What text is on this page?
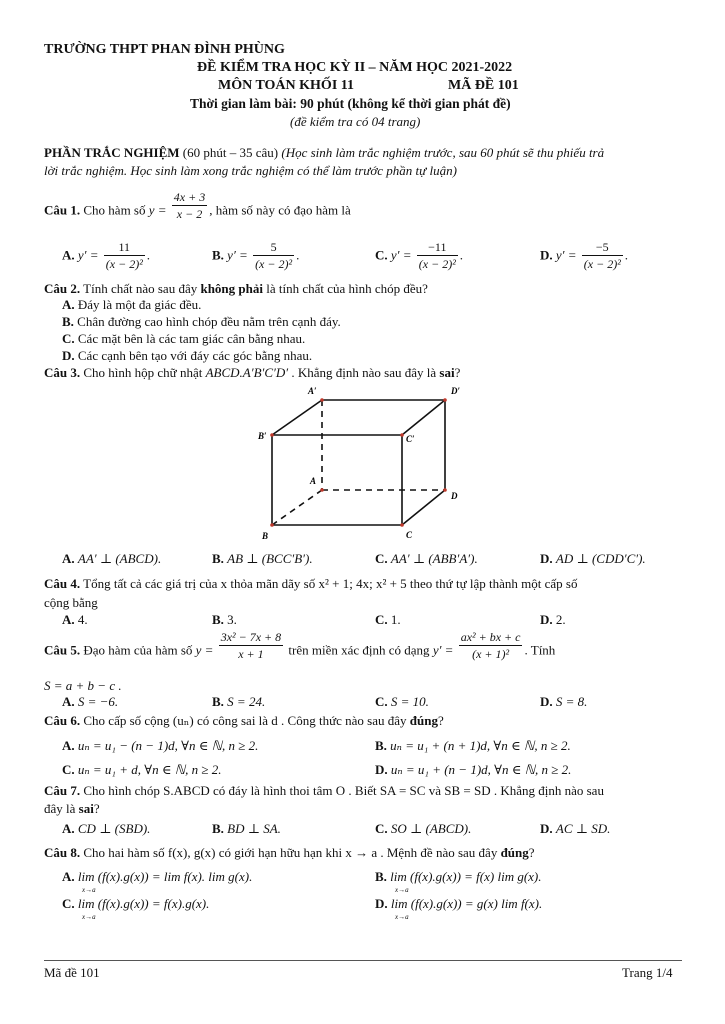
TRƯỜNG THPT PHAN ĐÌNH PHÙNG
ĐỀ KIỂM TRA HỌC KỲ II – NĂM HỌC 2021-2022
MÔN TOÁN KHỐI 11	MÃ ĐỀ 101
Thời gian làm bài: 90 phút (không kể thời gian phát đề)
(đề kiểm tra có 04 trang)
PHẦN TRẮC NGHIỆM (60 phút – 35 câu) (Học sinh làm trắc nghiệm trước, sau 60 phút sẽ thu phiếu trả
lời trắc nghiệm. Học sinh làm xong trắc nghiệm có thể làm trước phần tự luận)
Câu 1. Cho hàm số $y = \frac{4x + 3}{x - 2}$ , hàm số này có đạo hàm là
A. $y' = \frac{11}{\text{(x − 2)²}}$ .	B. $y' = \frac{5}{\text{(x − 2)²}}$ .	C. $y' = \frac{-11}{\text{(x − 2)²}}$ .	D. $y' = \frac{-5}{\text{(x − 2)²}}$ .
Câu 2. Tính chất nào sau đây không phải là tính chất của hình chóp đều?
A. Đáy là một đa giác đều.
B. Chân đường cao hình chóp đều nằm trên cạnh đáy.
C. Các mặt bên là các tam giác cân bằng nhau.
D. Các cạnh bên tạo với đáy các góc bằng nhau.
Câu 3. Cho hình hộp chữ nhật ABCD.A′B′C′D′ . Khẳng định nào sau đây là sai?
A′	D′
B′	C′
A
D
B	C
A. AA′ ⊥ (ABCD).	B. AB ⊥ (BCC′B′).	C. AA′ ⊥ (ABB′A′).	D. AD ⊥ (CDD′C′).
Câu 4. Tổng tất cả các giá trị của x thỏa mãn dãy số x² + 1; 4x; x² + 5 theo thứ tự lập thành một cấp số
cộng bằng
A. 4.	B. 3.	C. 1.	D. 2.
Câu 5. Đạo hàm của hàm số $y = \frac{\text{3x² − 7x + 8}}{x + 1}$ trên miền xác định có dạng $y' = \frac{\text{ax² + bx + c}}{\text{(x + 1)²}}$ . Tính
S = a + b − c .
A. S = −6.	B. S = 24.	C. S = 10.	D. S = 8.
Câu 6. Cho cấp số cộng (uₙ) có công sai là d . Công thức nào sau đây đúng?
A. uₙ = u₁ − (n − 1)d, ∀n ∈ ℕ, n ≥ 2.	B. uₙ = u₁ + (n + 1)d, ∀n ∈ ℕ, n ≥ 2.
C. uₙ = u₁ + d, ∀n ∈ ℕ, n ≥ 2.	D. uₙ = u₁ + (n − 1)d, ∀n ∈ ℕ, n ≥ 2.
Câu 7. Cho hình chóp S.ABCD có đáy là hình thoi tâm O . Biết SA = SC và SB = SD . Khẳng định nào sau
đây là sai?
A. CD ⊥ (SBD).	B. BD ⊥ SA.	C. SO ⊥ (ABCD).	D. AC ⊥ SD.
Câu 8. Cho hai hàm số f(x), g(x) có giới hạn hữu hạn khi x → a . Mệnh đề nào sau đây đúng?
A. lim (f(x).g(x)) = lim f(x). lim g(x).
x→a
B. lim (f(x).g(x)) = f(x) lim g(x).
x→a
C. lim (f(x).g(x)) = f(x).g(x).
x→a
D. lim (f(x).g(x)) = g(x) lim f(x).
x→a
Mã đề 101	Trang 1/4
